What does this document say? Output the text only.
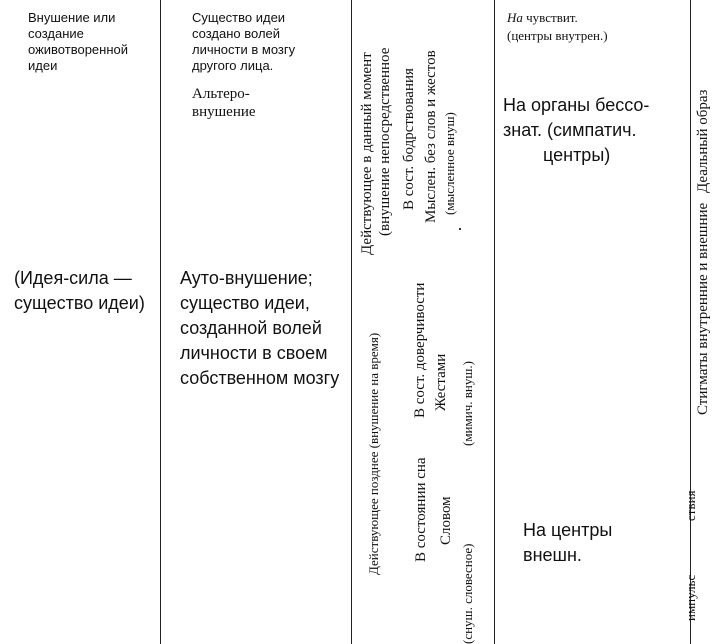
Внушение или
создание
оживотворенной
идеи
(Идея-сила —
существо идеи)
Существо идеи
создано волей
личности в мозгу
другого лица.
Альтеро-
внушение
Ауто-внушение;
существо идеи,
созданной волей
личности в своем
собственном мозгу
Действующее в данный момент (внушение непосредственное В сост. бодрствования Мыслен. без слов и жестов (мысленное внуш)
Действующее позднее (внушение на время) В сост. доверчивости Жестами (мимич. внуш.)
В состоянии сна Словом
(снуш. словесное)
На чувствит.
(центры внутрен.)
На органы бессо-
знат. (симпатич.
центры)
На центры
внешн.
Деальный образ
Стигматы внутренние и внешние
ствия
импульс
